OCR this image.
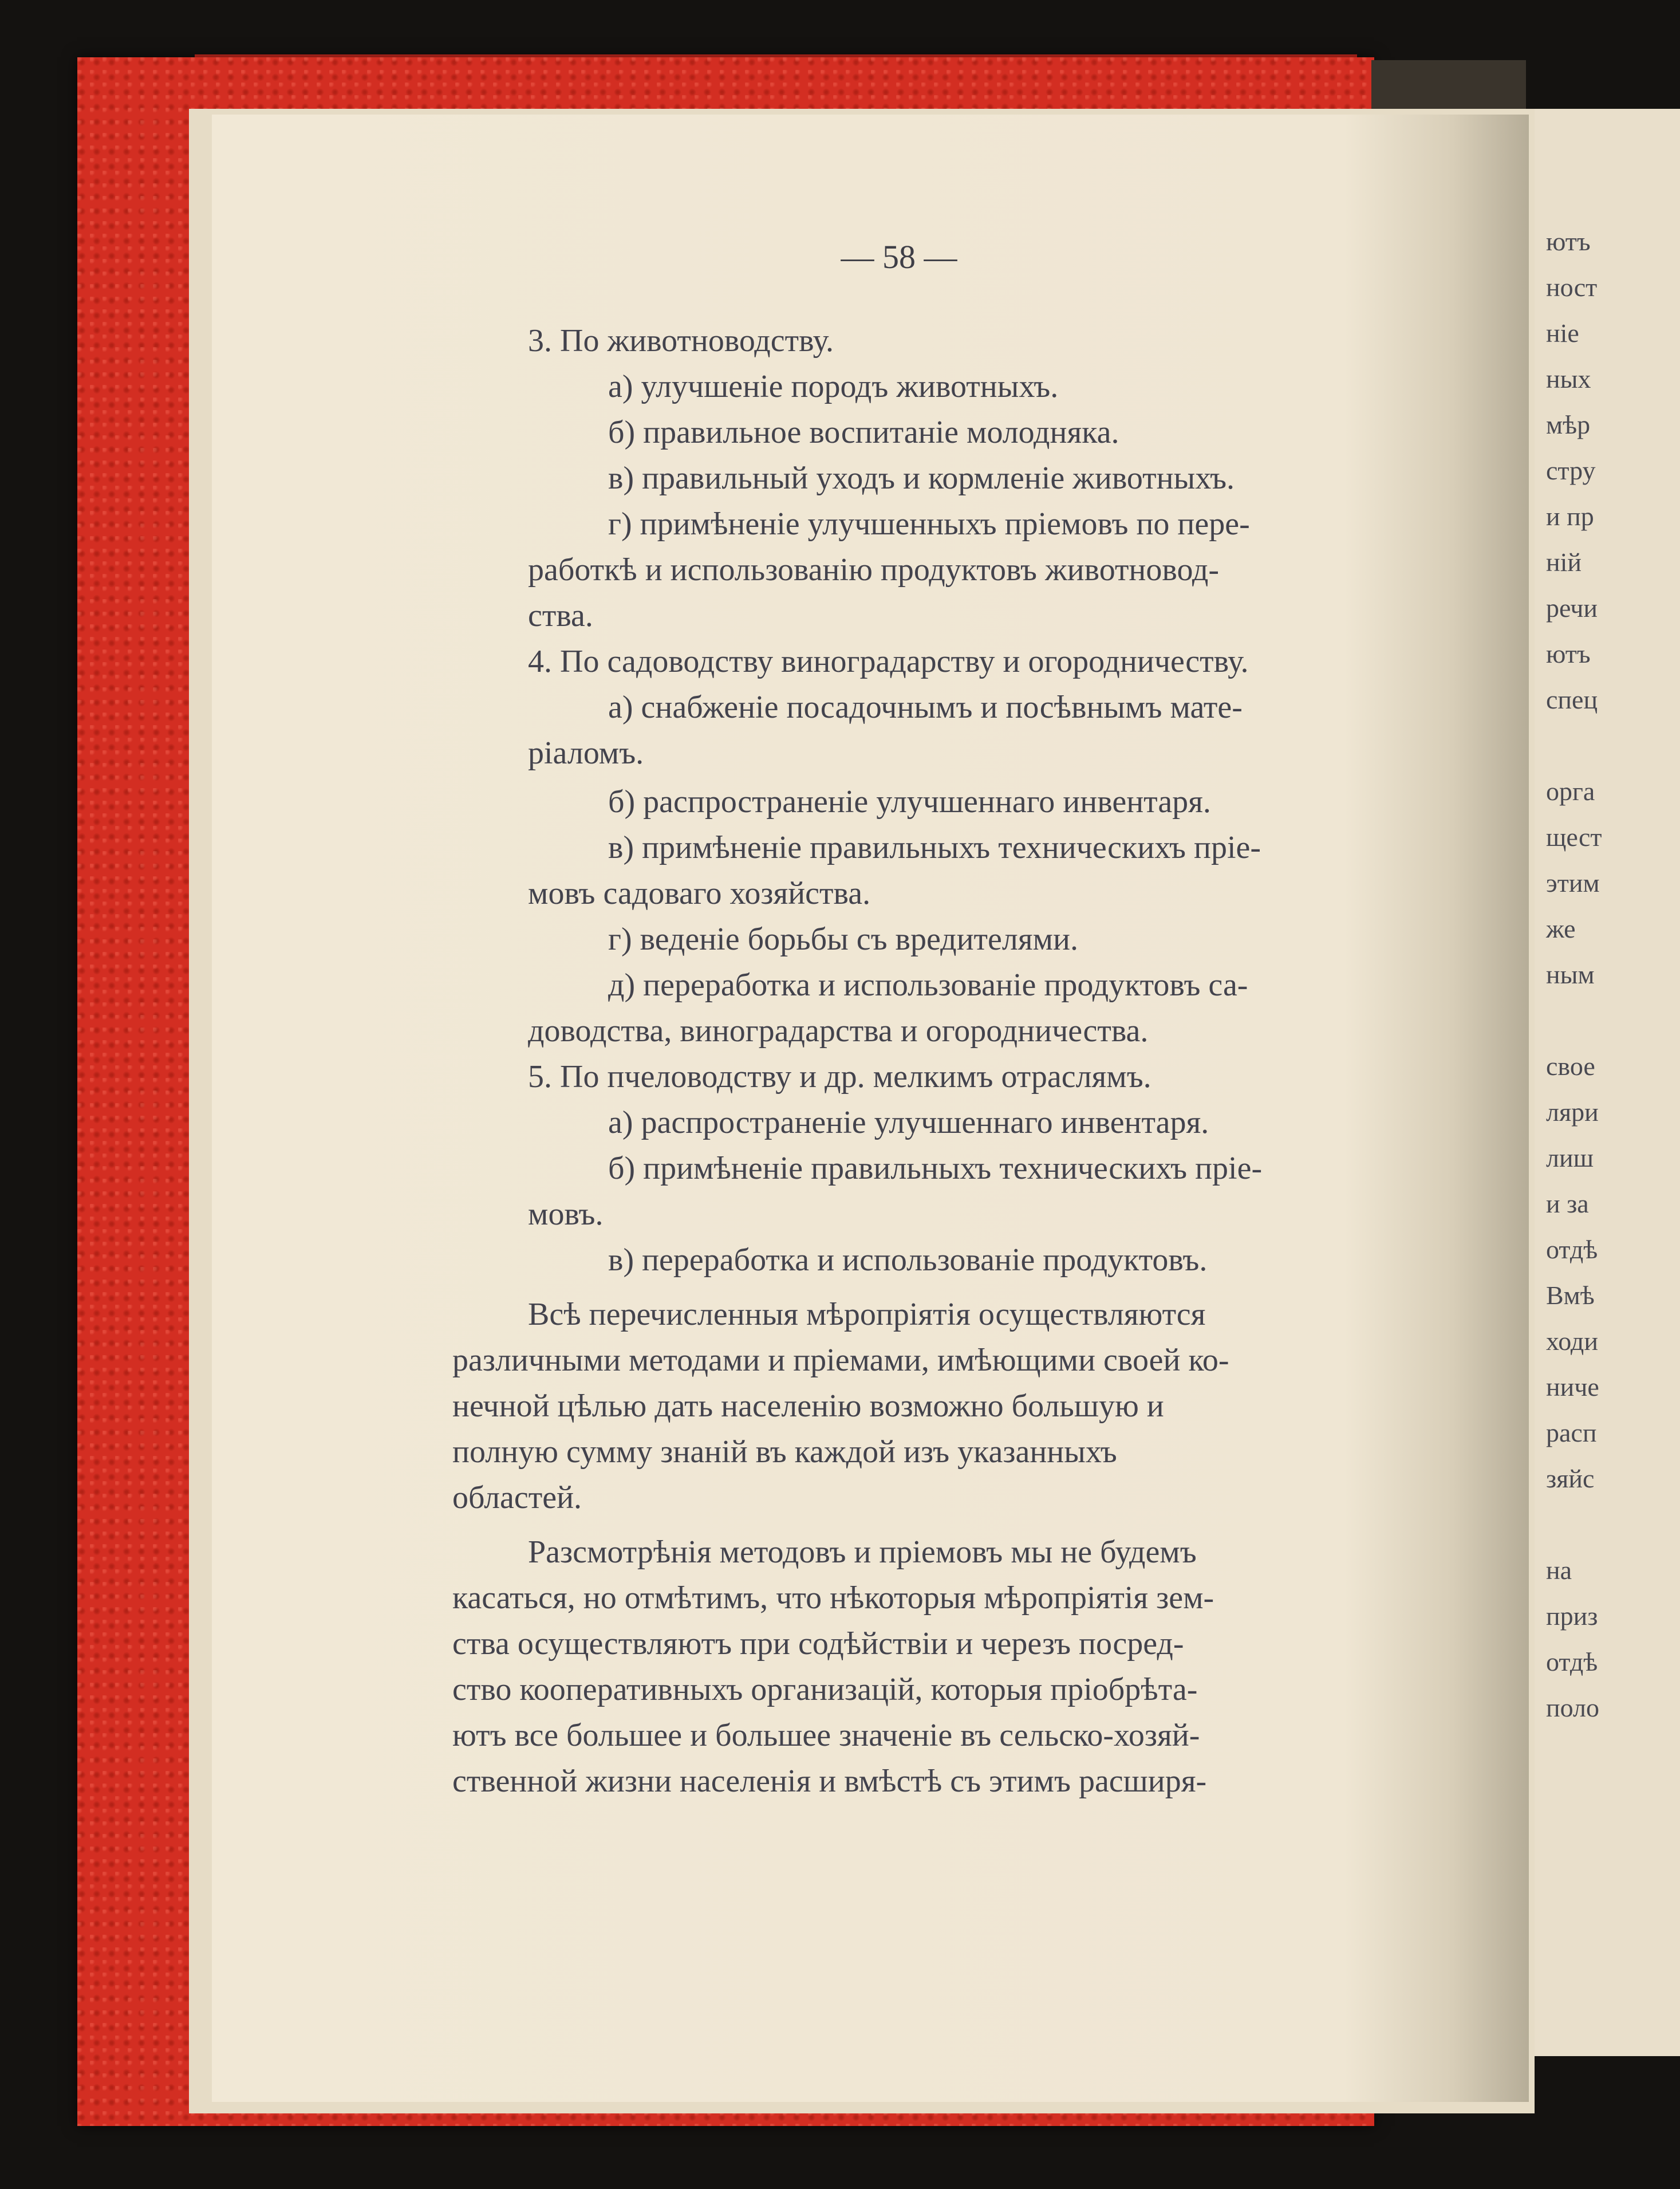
ютъ
ност
ніе
ных
мѣр
стру
и пр
ній
речи
ютъ
спец
орга
щест
этим
же
ным
свое
ляри
лиш
и за
отдѣ
Вмѣ
ходи
ниче
расп
зяйс
на
приз
отдѣ
поло
— 58 —
3. По животноводству.
а) улучшеніе породъ животныхъ.
б) правильное воспитаніе молодняка.
в) правильный уходъ и кормленіе животныхъ.
г) примѣненіе улучшенныхъ пріемовъ по пере-
работкѣ и использованію продуктовъ животновод-
ства.
4. По садоводству виноградарству и огородничеству.
а) снабженіе посадочнымъ и посѣвнымъ мате-
ріаломъ.
б) распространеніе улучшеннаго инвентаря.
в) примѣненіе правильныхъ техническихъ пріе-
мовъ садоваго хозяйства.
г) веденіе борьбы съ вредителями.
д) переработка и использованіе продуктовъ са-
доводства, виноградарства и огородничества.
5. По пчеловодству и др. мелкимъ отраслямъ.
а) распространеніе улучшеннаго инвентаря.
б) примѣненіе правильныхъ техническихъ пріе-
мовъ.
в) переработка и использованіе продуктовъ.
Всѣ перечисленныя мѣропріятія осуществляются
различными методами и пріемами, имѣющими своей ко-
нечной цѣлью дать населенію возможно большую и
полную сумму знаній въ каждой изъ указанныхъ
областей.
Разсмотрѣнія методовъ и пріемовъ мы не будемъ
касаться, но отмѣтимъ, что нѣкоторыя мѣропріятія зем-
ства осуществляютъ при содѣйствіи и черезъ посред-
ство кооперативныхъ организацій, которыя пріобрѣта-
ютъ все большее и большее значеніе въ сельско-хозяй-
ственной жизни населенія и вмѣстѣ съ этимъ расширя-
